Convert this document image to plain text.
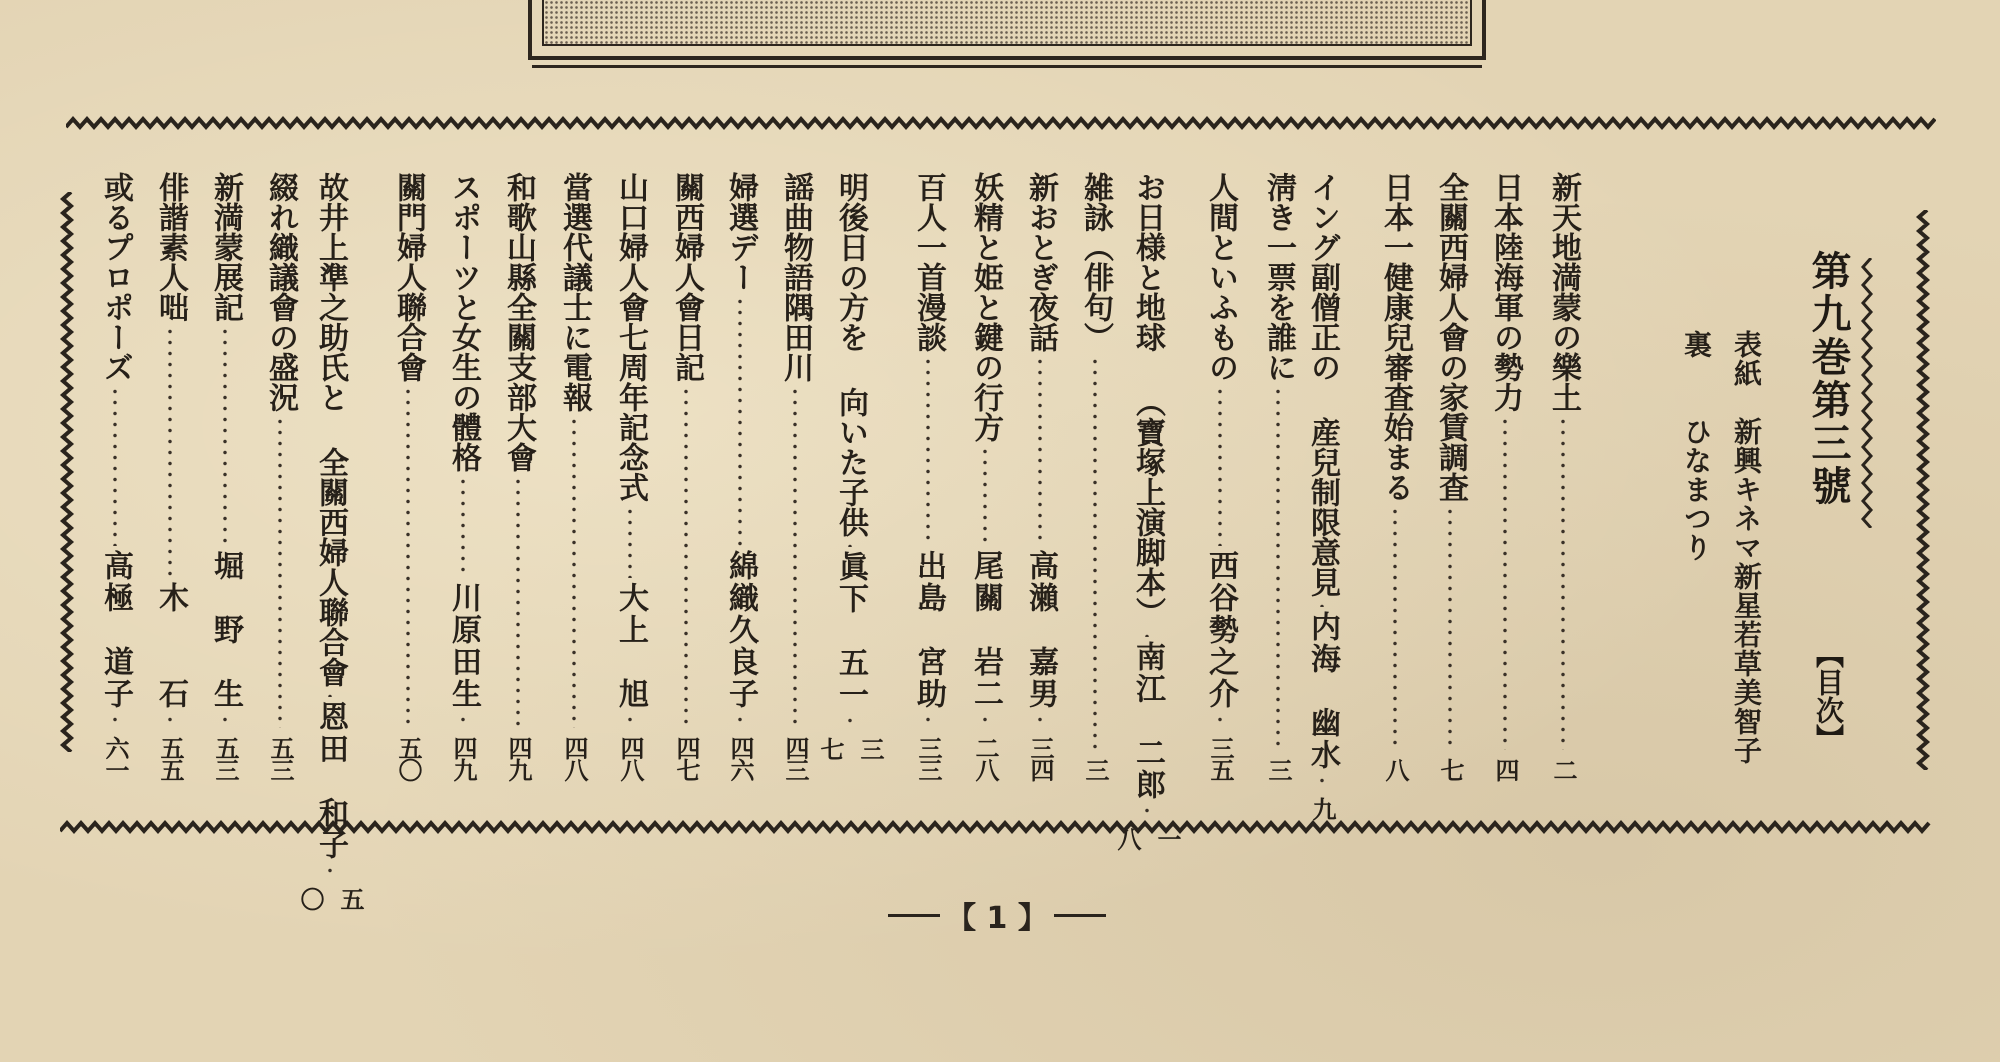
第九巻第三號
【目次】

表紙　新興キネマ新星若草美智子

裏　　ひなまつり

新天地満蒙の樂土
二
日本陸海軍の勢力
四
全關西婦人會の家賃調査
七
日本一健康兒審査始まる
八
イング副僧正の 産兒制限意見
内海　幽水
九
淸き一票を誰に
三
人間といふもの
西谷勢之介
三五
お日様と地球 （寶塚上演脚本）
南江　二郎
一八
雑詠（俳句）
三
新おとぎ夜話
高瀨　嘉男
三四
妖精と姫と鍵の行方
尾關　岩二
二八
百人一首漫談
出島　宮助
三三
明後日の方を 向いた子供
眞下　五一
三七
謡曲物語隅田川
四三
婦選デー
綿織久良子
四六
關西婦人會日記
四七
山口婦人會七周年記念式
大上　旭
四八
當選代議士に電報
四八
和歌山縣全關支部大會
四九
スポーツと女生の體格
川原田生
四九
關門婦人聯合會
五〇
故井上準之助氏と 全關西婦人聯合會
恩田　和子
五〇
綴れ織議會の盛況
五三
新満蒙展記
堀　野　生
五三
俳諧素人咄
木　　石
五五
或るプロポーズ
高極　道子
六一
【 1 】
